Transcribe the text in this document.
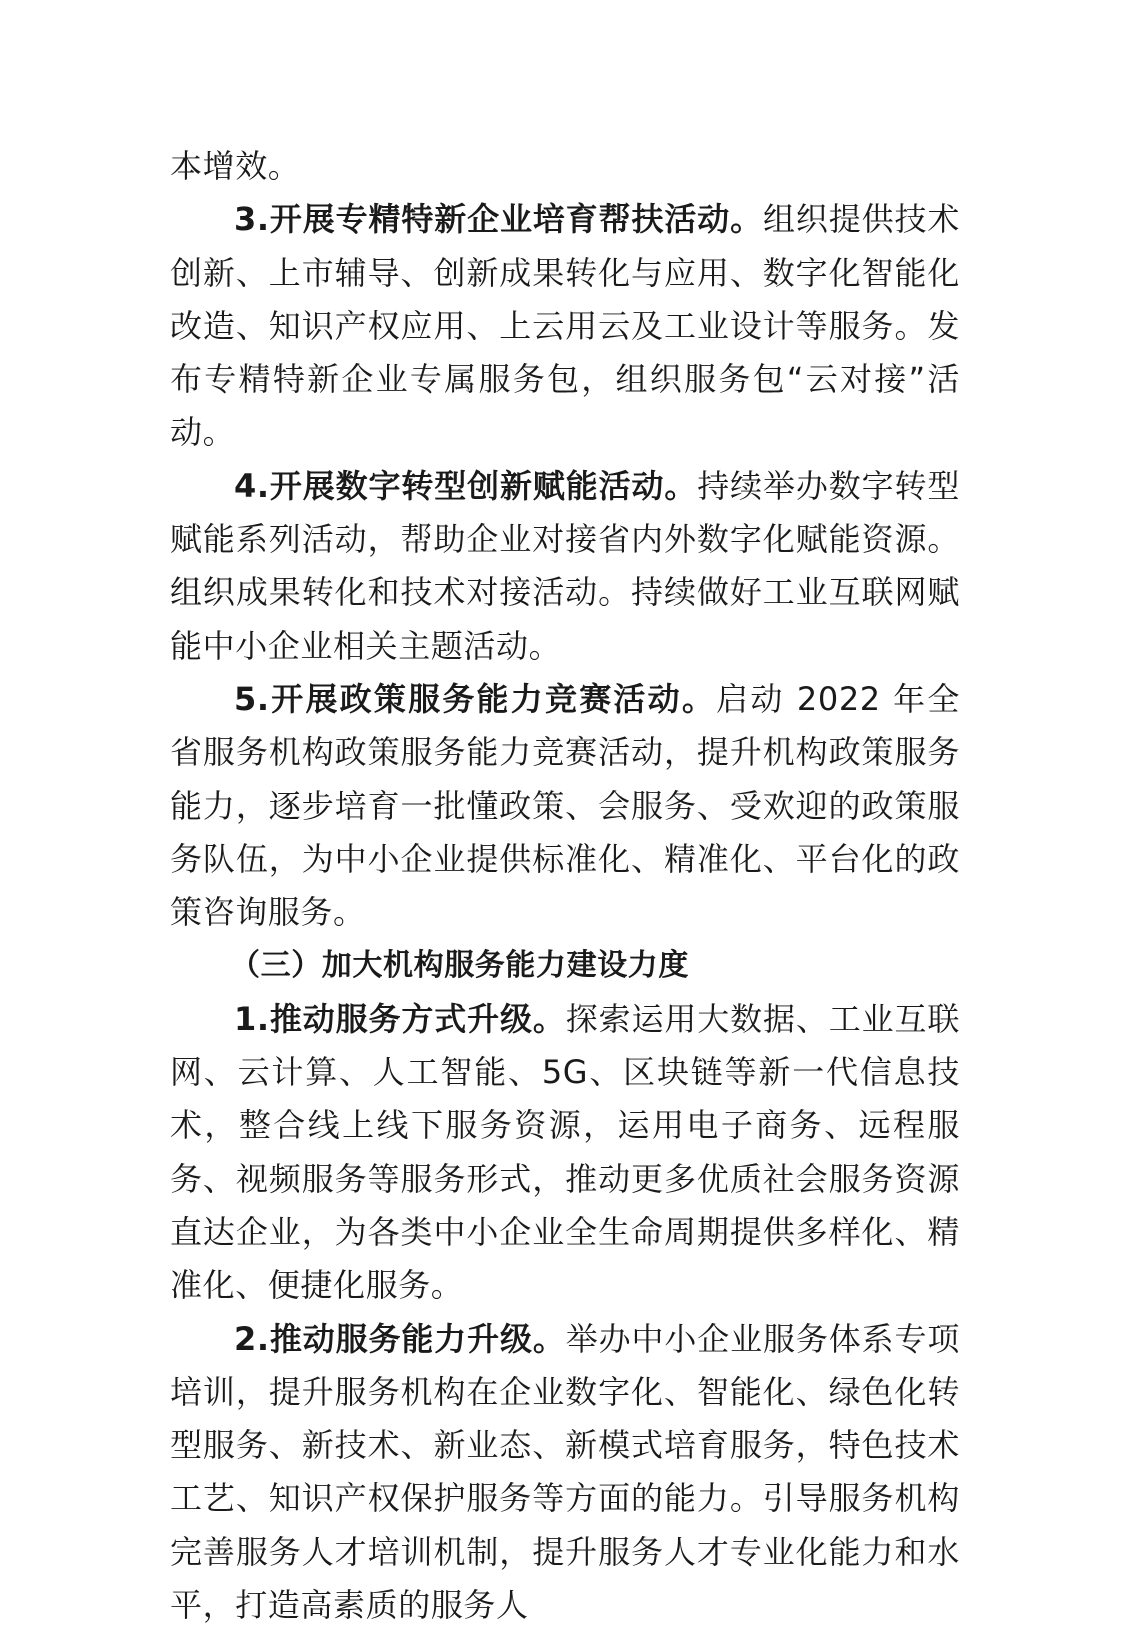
本增效。

3.开展专精特新企业培育帮扶活动。组织提供技术创新、上市辅导、创新成果转化与应用、数字化智能化改造、知识产权应用、上云用云及工业设计等服务。发布专精特新企业专属服务包，组织服务包“云对接”活动。

4.开展数字转型创新赋能活动。持续举办数字转型赋能系列活动，帮助企业对接省内外数字化赋能资源。组织成果转化和技术对接活动。持续做好工业互联网赋能中小企业相关主题活动。

5.开展政策服务能力竞赛活动。启动 2022 年全省服务机构政策服务能力竞赛活动，提升机构政策服务能力，逐步培育一批懂政策、会服务、受欢迎的政策服务队伍，为中小企业提供标准化、精准化、平台化的政策咨询服务。

（三）加大机构服务能力建设力度

1.推动服务方式升级。探索运用大数据、工业互联网、云计算、人工智能、5G、区块链等新一代信息技术，整合线上线下服务资源，运用电子商务、远程服务、视频服务等服务形式，推动更多优质社会服务资源直达企业，为各类中小企业全生命周期提供多样化、精准化、便捷化服务。

2.推动服务能力升级。举办中小企业服务体系专项培训，提升服务机构在企业数字化、智能化、绿色化转型服务、新技术、新业态、新模式培育服务，特色技术工艺、知识产权保护服务等方面的能力。引导服务机构完善服务人才培训机制，提升服务人才专业化能力和水平，打造高素质的服务人
